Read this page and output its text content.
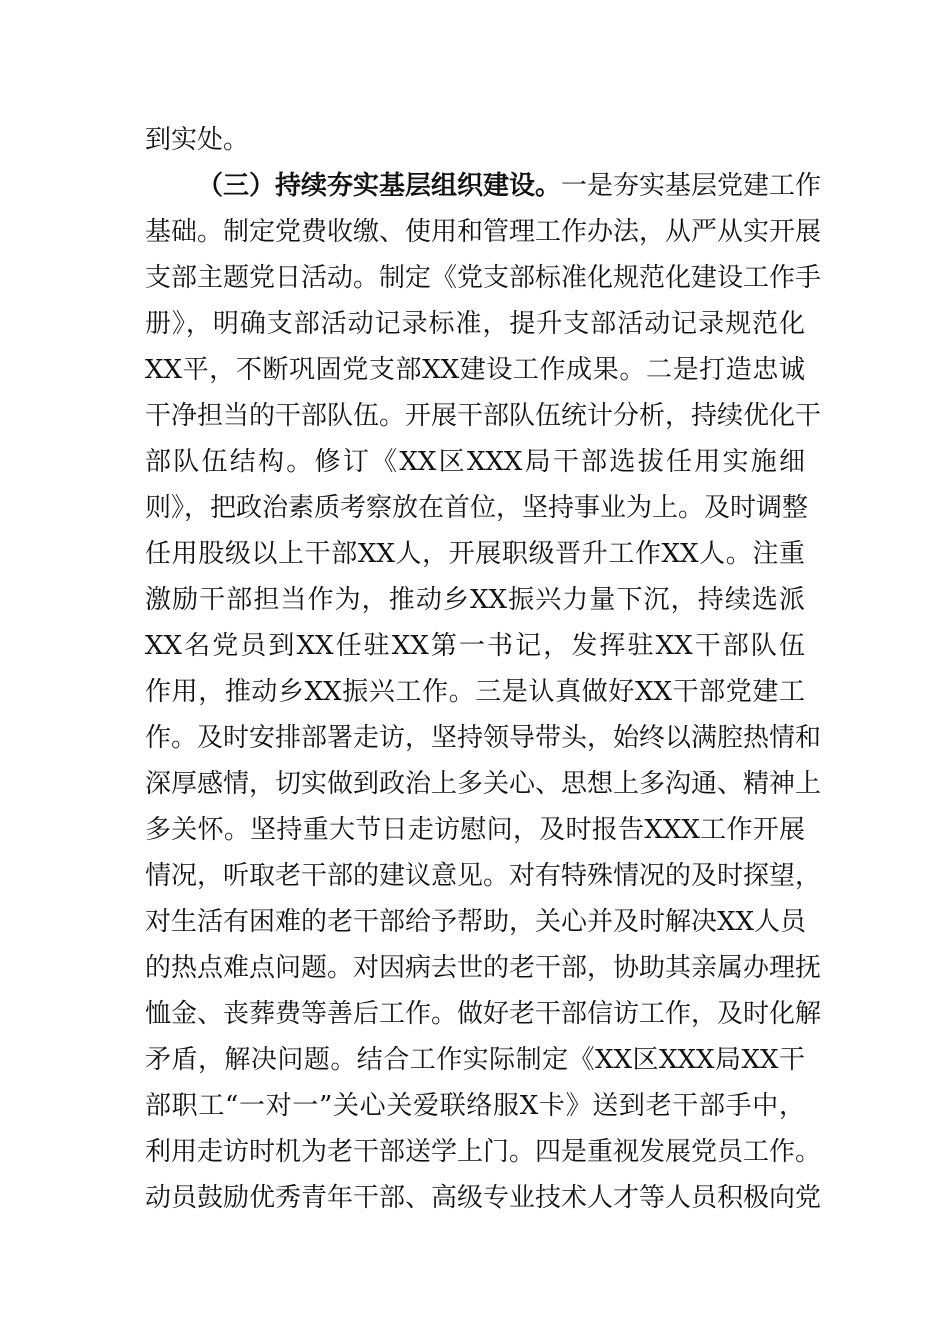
到实处。
（三）持续夯实基层组织建设。一是夯实基层党建工作
基础。制定党费收缴、使用和管理工作办法，从严从实开展
支部主题党日活动。制定《党支部标准化规范化建设工作手
册》，明确支部活动记录标准，提升支部活动记录规范化
XX平，不断巩固党支部XX建设工作成果。二是打造忠诚
干净担当的干部队伍。开展干部队伍统计分析，持续优化干
部队伍结构。修订《XX区XXX局干部选拔任用实施细
则》，把政治素质考察放在首位，坚持事业为上。及时调整
任用股级以上干部XX人，开展职级晋升工作XX人。注重
激励干部担当作为，推动乡XX振兴力量下沉，持续选派
XX名党员到XX任驻XX第一书记，发挥驻XX干部队伍
作用，推动乡XX振兴工作。三是认真做好XX干部党建工
作。及时安排部署走访，坚持领导带头，始终以满腔热情和
深厚感情，切实做到政治上多关心、思想上多沟通、精神上
多关怀。坚持重大节日走访慰问，及时报告XXX工作开展
情况，听取老干部的建议意见。对有特殊情况的及时探望，
对生活有困难的老干部给予帮助，关心并及时解决XX人员
的热点难点问题。对因病去世的老干部，协助其亲属办理抚
恤金、丧葬费等善后工作。做好老干部信访工作，及时化解
矛盾，解决问题。结合工作实际制定《XX区XXX局XX干
部职工“一对一”关心关爱联络服X卡》送到老干部手中，
利用走访时机为老干部送学上门。四是重视发展党员工作。
动员鼓励优秀青年干部、高级专业技术人才等人员积极向党
